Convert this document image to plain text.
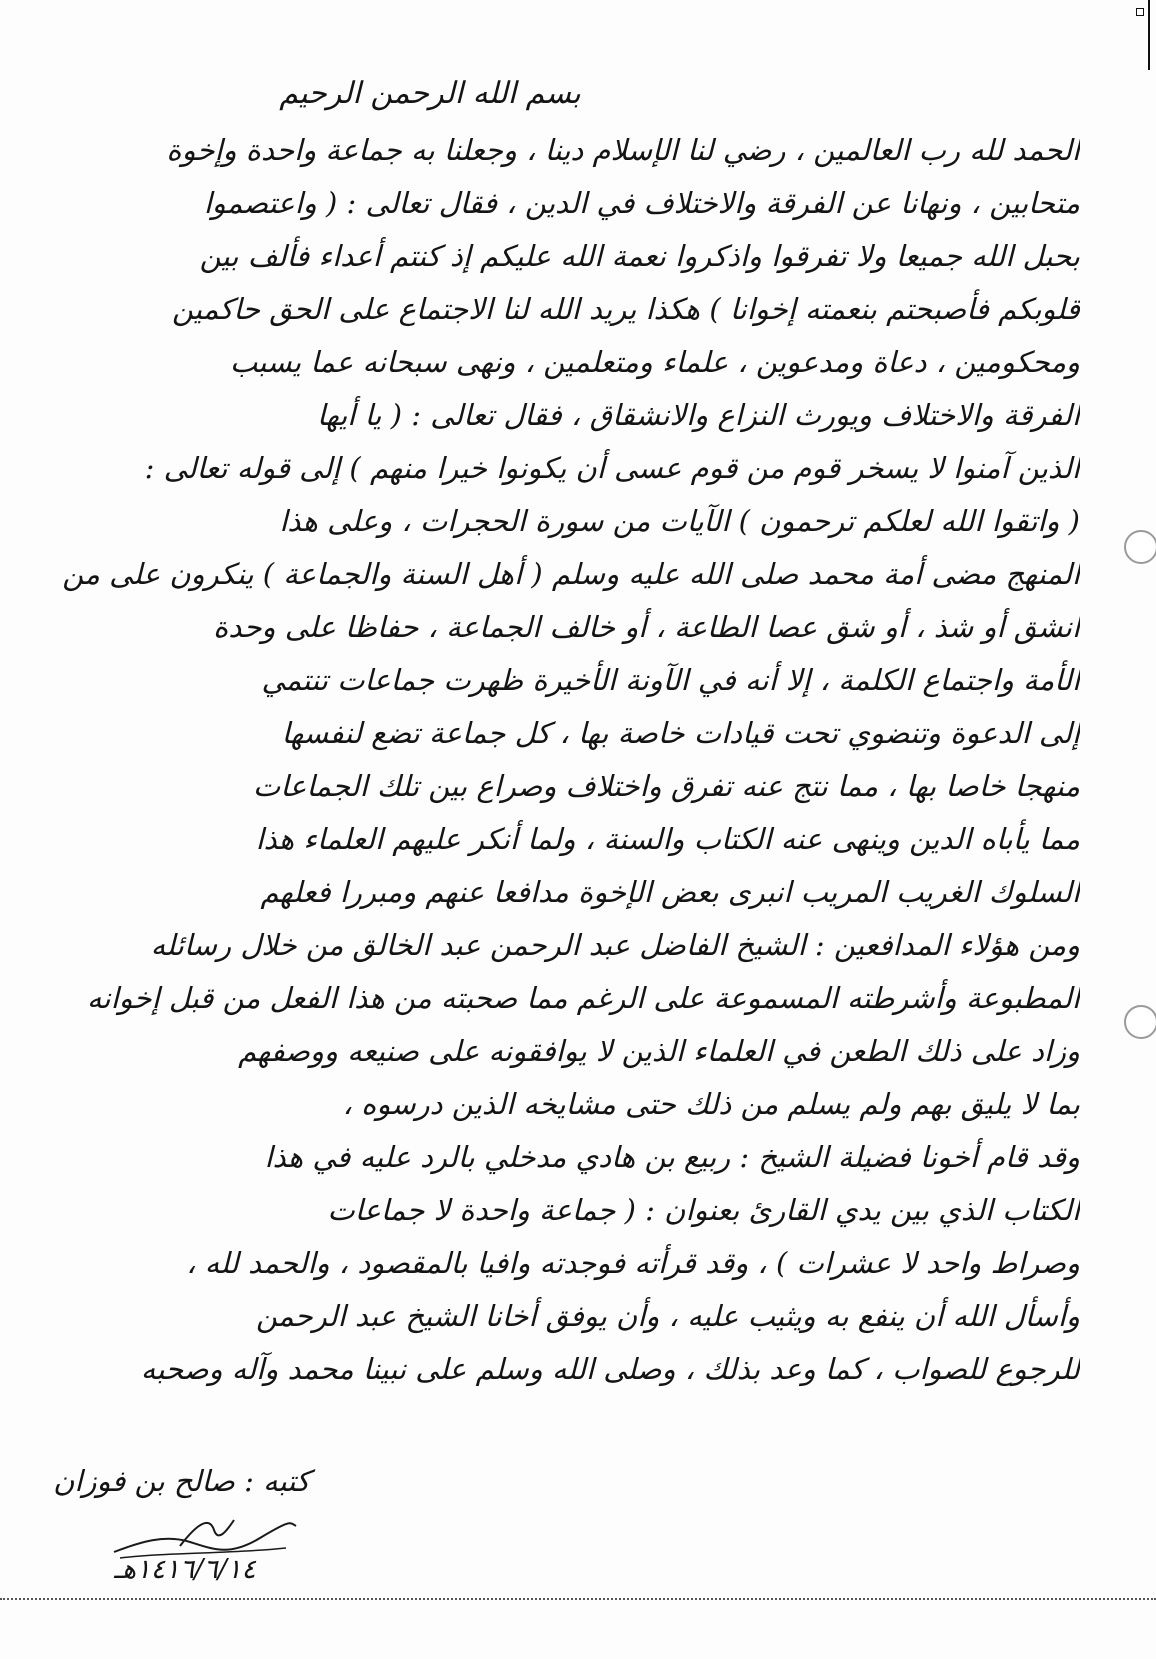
بسم الله الرحمن الرحيم
الحمد لله رب العالمين ، رضي لنا الإسلام دينا ، وجعلنا به جماعة واحدة وإخوة
متحابين ، ونهانا عن الفرقة والاختلاف في الدين ، فقال تعالى : ( واعتصموا
بحبل الله جميعا ولا تفرقوا واذكروا نعمة الله عليكم إذ كنتم أعداء فألف بين
قلوبكم فأصبحتم بنعمته إخوانا ) هكذا يريد الله لنا الاجتماع على الحق حاكمين
ومحكومين ، دعاة ومدعوين ، علماء ومتعلمين ، ونهى سبحانه عما يسبب
الفرقة والاختلاف ويورث النزاع والانشقاق ، فقال تعالى : ( يا أيها
الذين آمنوا لا يسخر قوم من قوم عسى أن يكونوا خيرا منهم ) إلى قوله تعالى :
( واتقوا الله لعلكم ترحمون ) الآيات من سورة الحجرات ، وعلى هذا
المنهج مضى أمة محمد صلى الله عليه وسلم ( أهل السنة والجماعة ) ينكرون على من
انشق أو شذ ، أو شق عصا الطاعة ، أو خالف الجماعة ، حفاظا على وحدة
الأمة واجتماع الكلمة ، إلا أنه في الآونة الأخيرة ظهرت جماعات تنتمي
إلى الدعوة وتنضوي تحت قيادات خاصة بها ، كل جماعة تضع لنفسها
منهجا خاصا بها ، مما نتج عنه تفرق واختلاف وصراع بين تلك الجماعات
مما يأباه الدين وينهى عنه الكتاب والسنة ، ولما أنكر عليهم العلماء هذا
السلوك الغريب المريب انبرى بعض الإخوة مدافعا عنهم ومبررا فعلهم
ومن هؤلاء المدافعين : الشيخ الفاضل عبد الرحمن عبد الخالق من خلال رسائله
المطبوعة وأشرطته المسموعة على الرغم مما صحبته من هذا الفعل من قبل إخوانه
وزاد على ذلك الطعن في العلماء الذين لا يوافقونه على صنيعه ووصفهم
بما لا يليق بهم ولم يسلم من ذلك حتى مشايخه الذين درسوه ،
وقد قام أخونا فضيلة الشيخ : ربيع بن هادي مدخلي بالرد عليه في هذا
الكتاب الذي بين يدي القارئ بعنوان : ( جماعة واحدة لا جماعات
وصراط واحد لا عشرات ) ، وقد قرأته فوجدته وافيا بالمقصود ، والحمد لله ،
وأسأل الله أن ينفع به ويثيب عليه ، وأن يوفق أخانا الشيخ عبد الرحمن
للرجوع للصواب ، كما وعد بذلك ، وصلى الله وسلم على نبينا محمد وآله وصحبه
كتبه : صالح بن فوزان
١٤١٦/٦/١٤هـ
